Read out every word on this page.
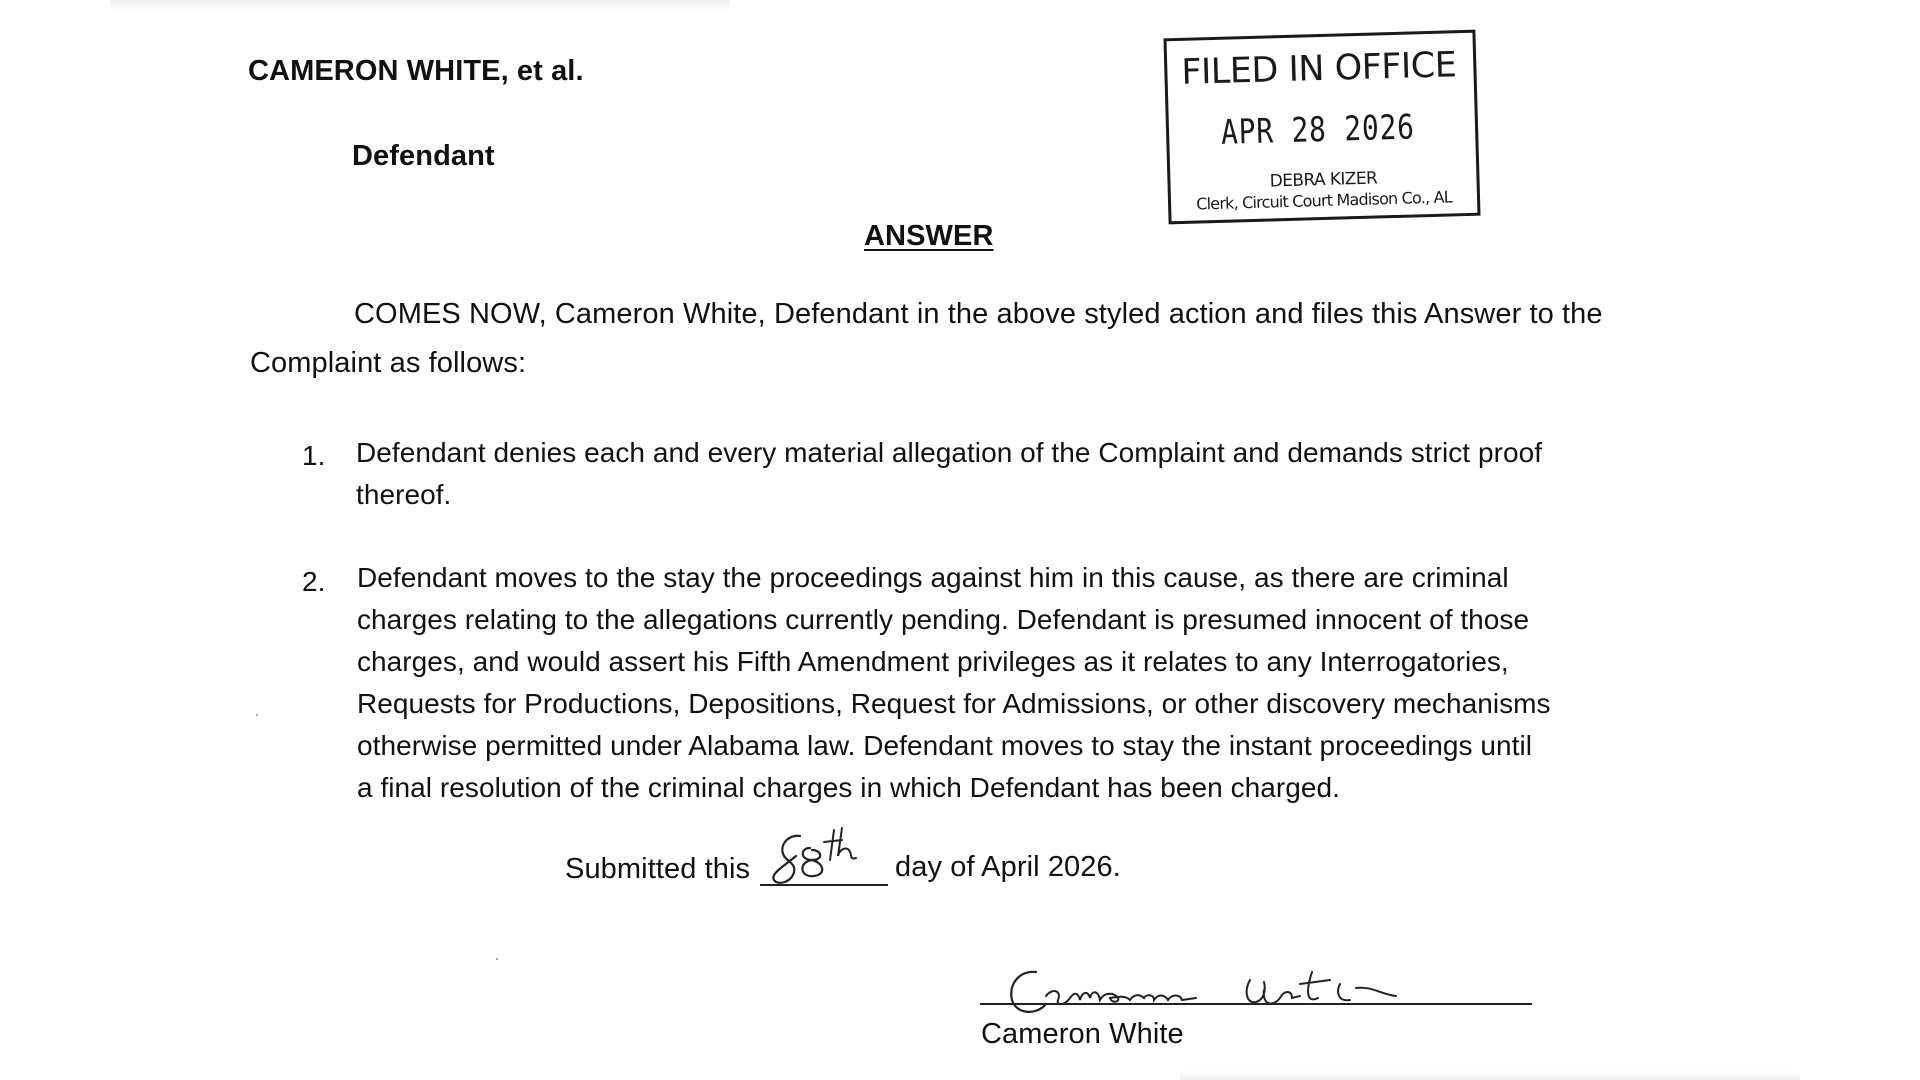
CAMERON WHITE, et al.
Defendant
FILED IN OFFICE
APR 28 2026
DEBRA KIZER
Clerk, Circuit Court Madison Co., AL
ANSWER
COMES NOW, Cameron White, Defendant in the above styled action and files this Answer to the
Complaint as follows:
1. Defendant denies each and every material allegation of the Complaint and demands strict proof
thereof.
2. Defendant moves to the stay the proceedings against him in this cause, as there are criminal
charges relating to the allegations currently pending. Defendant is presumed innocent of those
charges, and would assert his Fifth Amendment privileges as it relates to any Interrogatories,
Requests for Productions, Depositions, Request for Admissions, or other discovery mechanisms
otherwise permitted under Alabama law. Defendant moves to stay the instant proceedings until
a final resolution of the criminal charges in which Defendant has been charged.
Submitted this	day of April 2026.
Cameron White
